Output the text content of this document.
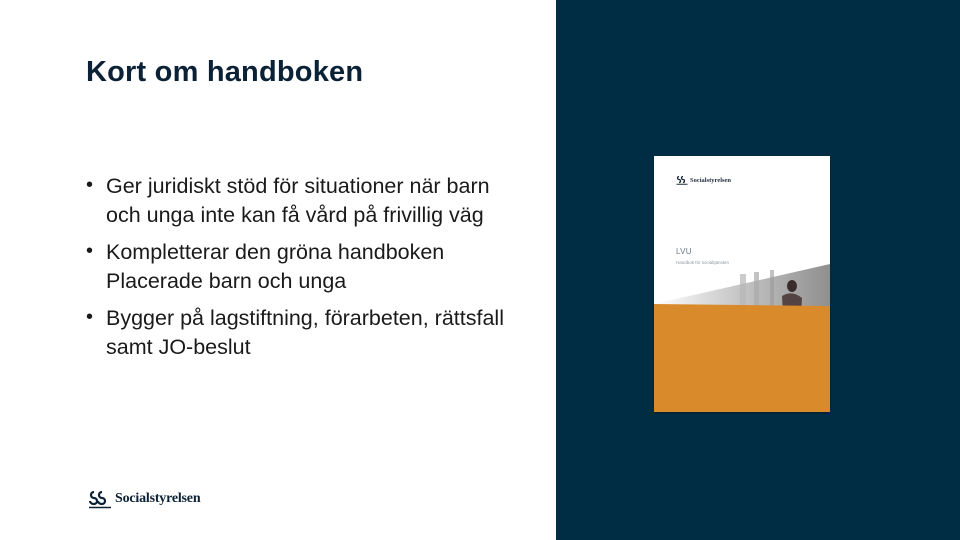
Kort om handboken
• Ger juridiskt stöd för situationer när barn och unga inte kan få vård på frivillig väg
• Kompletterar den gröna handboken Placerade barn och unga
• Bygger på lagstiftning, förarbeten, rättsfall samt JO-beslut
Socialstyrelsen
Socialstyrelsen
LVU
Handbok för socialtjänsten
